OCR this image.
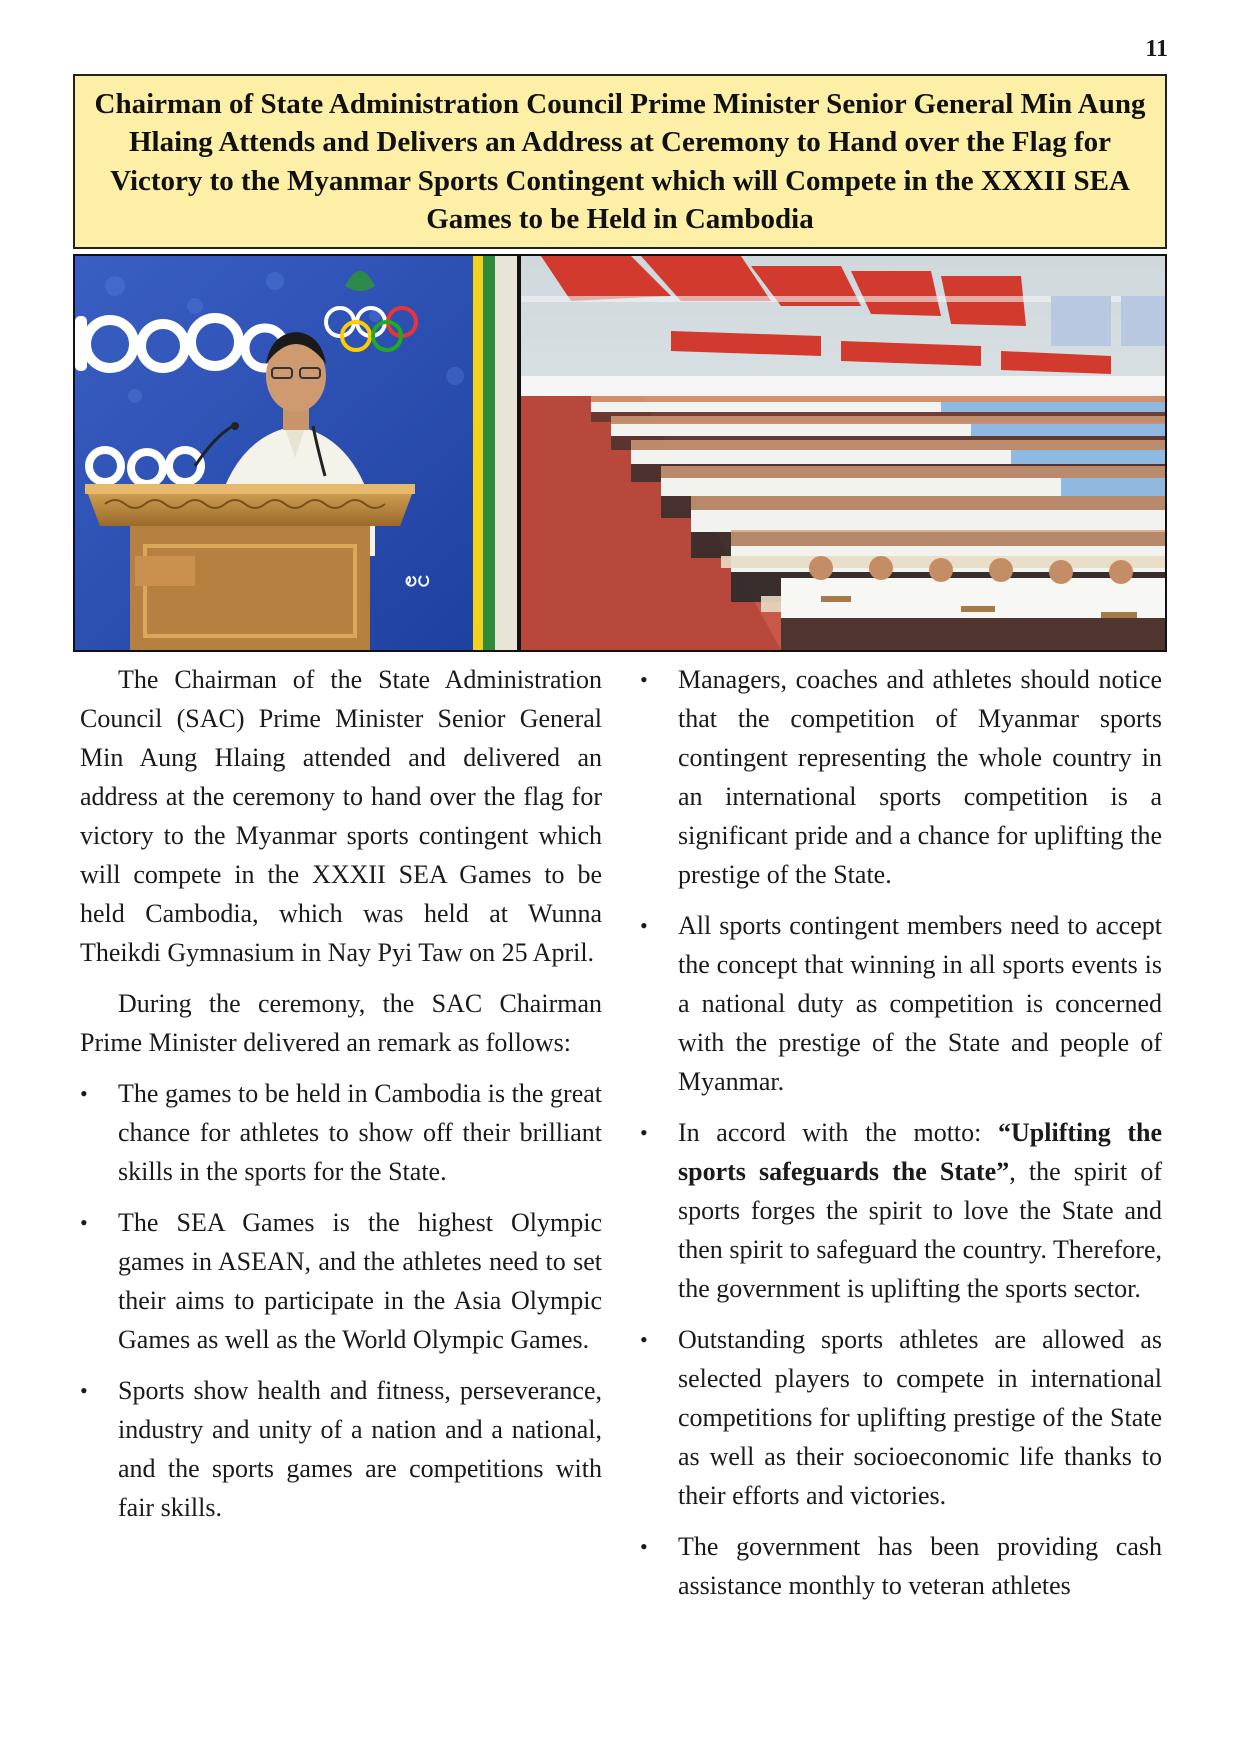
11
Chairman of State Administration Council Prime Minister Senior General Min Aung Hlaing Attends and Delivers an Address at Ceremony to Hand over the Flag for Victory to the Myanmar Sports Contingent which will Compete in the XXXII SEA Games to be Held in Cambodia
ၿပ

The Chairman of the State Administration Council (SAC) Prime Minister Senior General Min Aung Hlaing attended and delivered an address at the ceremony to hand over the flag for victory to the Myanmar sports contingent which will compete in the XXXII SEA Games to be held Cambodia, which was held at Wunna Theikdi Gymnasium in Nay Pyi Taw on 25 April.

During the ceremony, the SAC Chairman Prime Minister delivered an remark as follows:

• The games to be held in Cambodia is the great chance for athletes to show off their brilliant skills in the sports for the State.
• The SEA Games is the highest Olympic games in ASEAN, and the athletes need to set their aims to participate in the Asia Olympic Games as well as the World Olympic Games.
• Sports show health and fitness, perseverance, industry and unity of a nation and a national, and the sports games are competitions with fair skills.
• Managers, coaches and athletes should notice that the competition of Myanmar sports contingent representing the whole country in an international sports competition is a significant pride and a chance for uplifting the prestige of the State.
• All sports contingent members need to accept the concept that winning in all sports events is a national duty as competition is concerned with the prestige of the State and people of Myanmar.
• In accord with the motto: “Uplifting the sports safeguards the State”, the spirit of sports forges the spirit to love the State and then spirit to safeguard the country. Therefore, the government is uplifting the sports sector.
• Outstanding sports athletes are allowed as selected players to compete in international competitions for uplifting prestige of the State as well as their socioeconomic life thanks to their efforts and victories.
• The government has been providing cash assistance monthly to veteran athletes
